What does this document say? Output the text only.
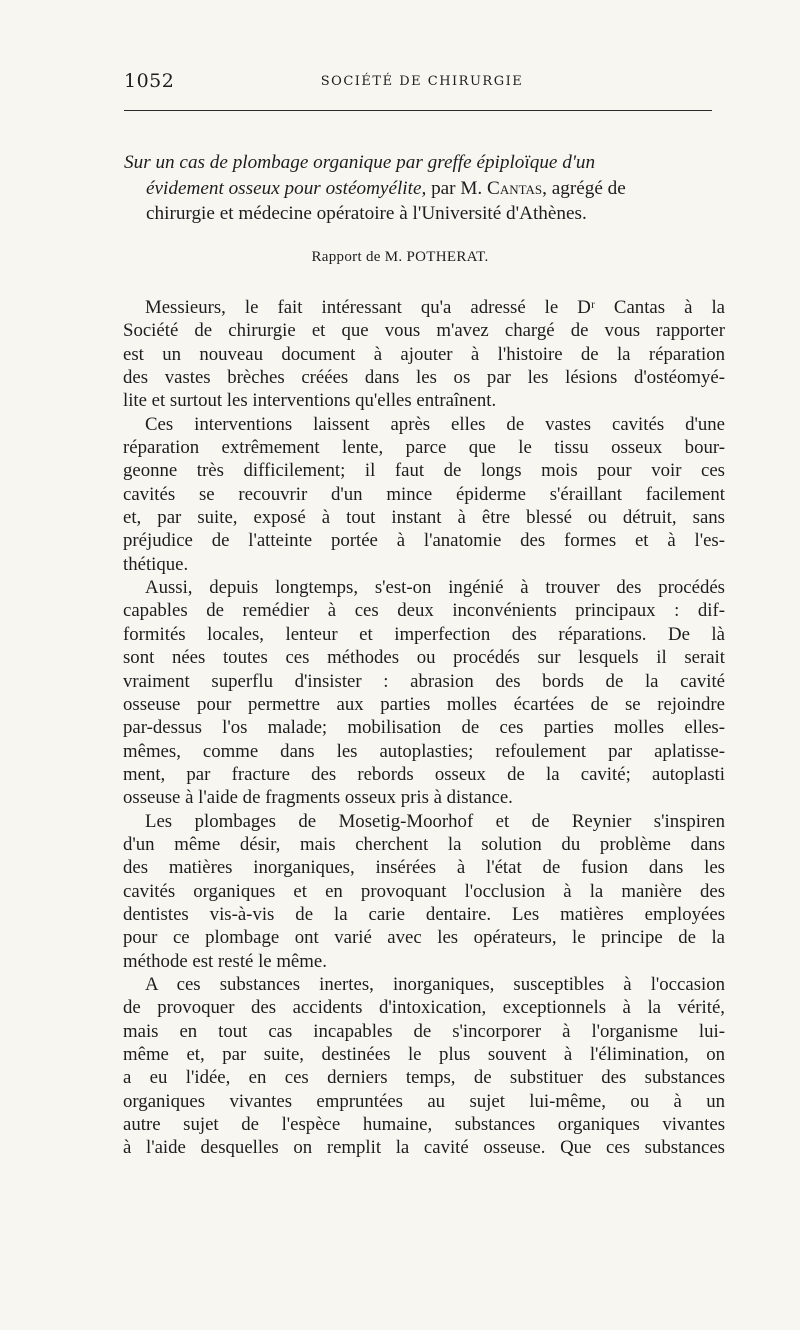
1052	SOCIÉTÉ DE CHIRURGIE
Sur un cas de plombage organique par greffe épiploïque d'un
évidement osseux pour ostéomyélite, par M. Cantas, agrégé de
chirurgie et médecine opératoire à l'Université d'Athènes.
Rapport de M. POTHERAT.
Messieurs, le fait intéressant qu'a adressé le Dʳ Cantas à la
Société de chirurgie et que vous m'avez chargé de vous rapporter
est un nouveau document à ajouter à l'histoire de la réparation
des vastes brèches créées dans les os par les lésions d'ostéomyé-
lite et surtout les interventions qu'elles entraînent.
Ces interventions laissent après elles de vastes cavités d'une
réparation extrêmement lente, parce que le tissu osseux bour-
geonne très difficilement; il faut de longs mois pour voir ces
cavités se recouvrir d'un mince épiderme s'éraillant facilement
et, par suite, exposé à tout instant à être blessé ou détruit, sans
préjudice de l'atteinte portée à l'anatomie des formes et à l'es-
thétique.
Aussi, depuis longtemps, s'est-on ingénié à trouver des procédés
capables de remédier à ces deux inconvénients principaux : dif-
formités locales, lenteur et imperfection des réparations. De là
sont nées toutes ces méthodes ou procédés sur lesquels il serait
vraiment superflu d'insister : abrasion des bords de la cavité
osseuse pour permettre aux parties molles écartées de se rejoindre
par-dessus l'os malade; mobilisation de ces parties molles elles-
mêmes, comme dans les autoplasties; refoulement par aplatisse-
ment, par fracture des rebords osseux de la cavité; autoplasti
osseuse à l'aide de fragments osseux pris à distance.
Les plombages de Mosetig-Moorhof et de Reynier s'inspiren
d'un même désir, mais cherchent la solution du problème dans
des matières inorganiques, insérées à l'état de fusion dans les
cavités organiques et en provoquant l'occlusion à la manière des
dentistes vis-à-vis de la carie dentaire. Les matières employées
pour ce plombage ont varié avec les opérateurs, le principe de la
méthode est resté le même.
A ces substances inertes, inorganiques, susceptibles à l'occasion
de provoquer des accidents d'intoxication, exceptionnels à la vérité,
mais en tout cas incapables de s'incorporer à l'organisme lui-
même et, par suite, destinées le plus souvent à l'élimination, on
a eu l'idée, en ces derniers temps, de substituer des substances
organiques vivantes empruntées au sujet lui-même, ou à un
autre sujet de l'espèce humaine, substances organiques vivantes
à l'aide desquelles on remplit la cavité osseuse. Que ces substances
